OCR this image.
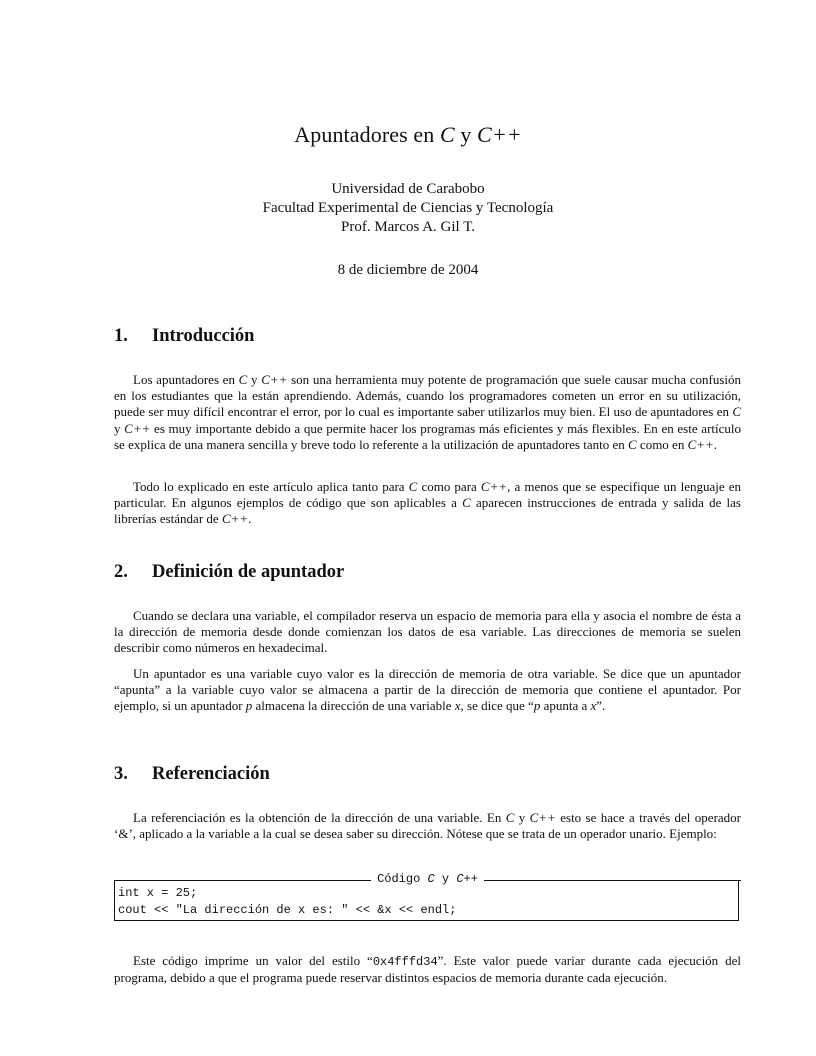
Apuntadores en C y C++
Universidad de Carabobo
Facultad Experimental de Ciencias y Tecnología
Prof. Marcos A. Gil T.
8 de diciembre de 2004
1. Introducción

Los apuntadores en C y C++ son una herramienta muy potente de programación que suele causar mucha confusión en los estudiantes que la están aprendiendo. Además, cuando los programadores cometen un error en su utilización, puede ser muy difícil encontrar el error, por lo cual es importante saber utilizarlos muy bien. El uso de apuntadores en C y C++ es muy importante debido a que permite hacer los programas más eficientes y más flexibles. En en este artículo se explica de una manera sencilla y breve todo lo referente a la utilización de apuntadores tanto en C como en C++.

Todo lo explicado en este artículo aplica tanto para C como para C++, a menos que se especifique un lenguaje en particular. En algunos ejemplos de código que son aplicables a C aparecen instrucciones de entrada y salida de las librerías estándar de C++.

2. Definición de apuntador

Cuando se declara una variable, el compilador reserva un espacio de memoria para ella y asocia el nombre de ésta a la dirección de memoria desde donde comienzan los datos de esa variable. Las direcciones de memoria se suelen describir como números en hexadecimal.

Un apuntador es una variable cuyo valor es la dirección de memoria de otra variable. Se dice que un apuntador “apunta” a la variable cuyo valor se almacena a partir de la dirección de memoria que contiene el apuntador. Por ejemplo, si un apuntador p almacena la dirección de una variable x, se dice que “p apunta a x”.

3. Referenciación

La referenciación es la obtención de la dirección de una variable. En C y C++ esto se hace a través del operador ‘&’, aplicado a la variable a la cual se desea saber su dirección. Nótese que se trata de un operador unario. Ejemplo:

Código C y C++
int x = 25;
cout << "La dirección de x es: " << &x << endl;

Este código imprime un valor del estilo “0x4fffd34”. Este valor puede variar durante cada ejecución del programa, debido a que el programa puede reservar distintos espacios de memoria durante cada ejecución.
